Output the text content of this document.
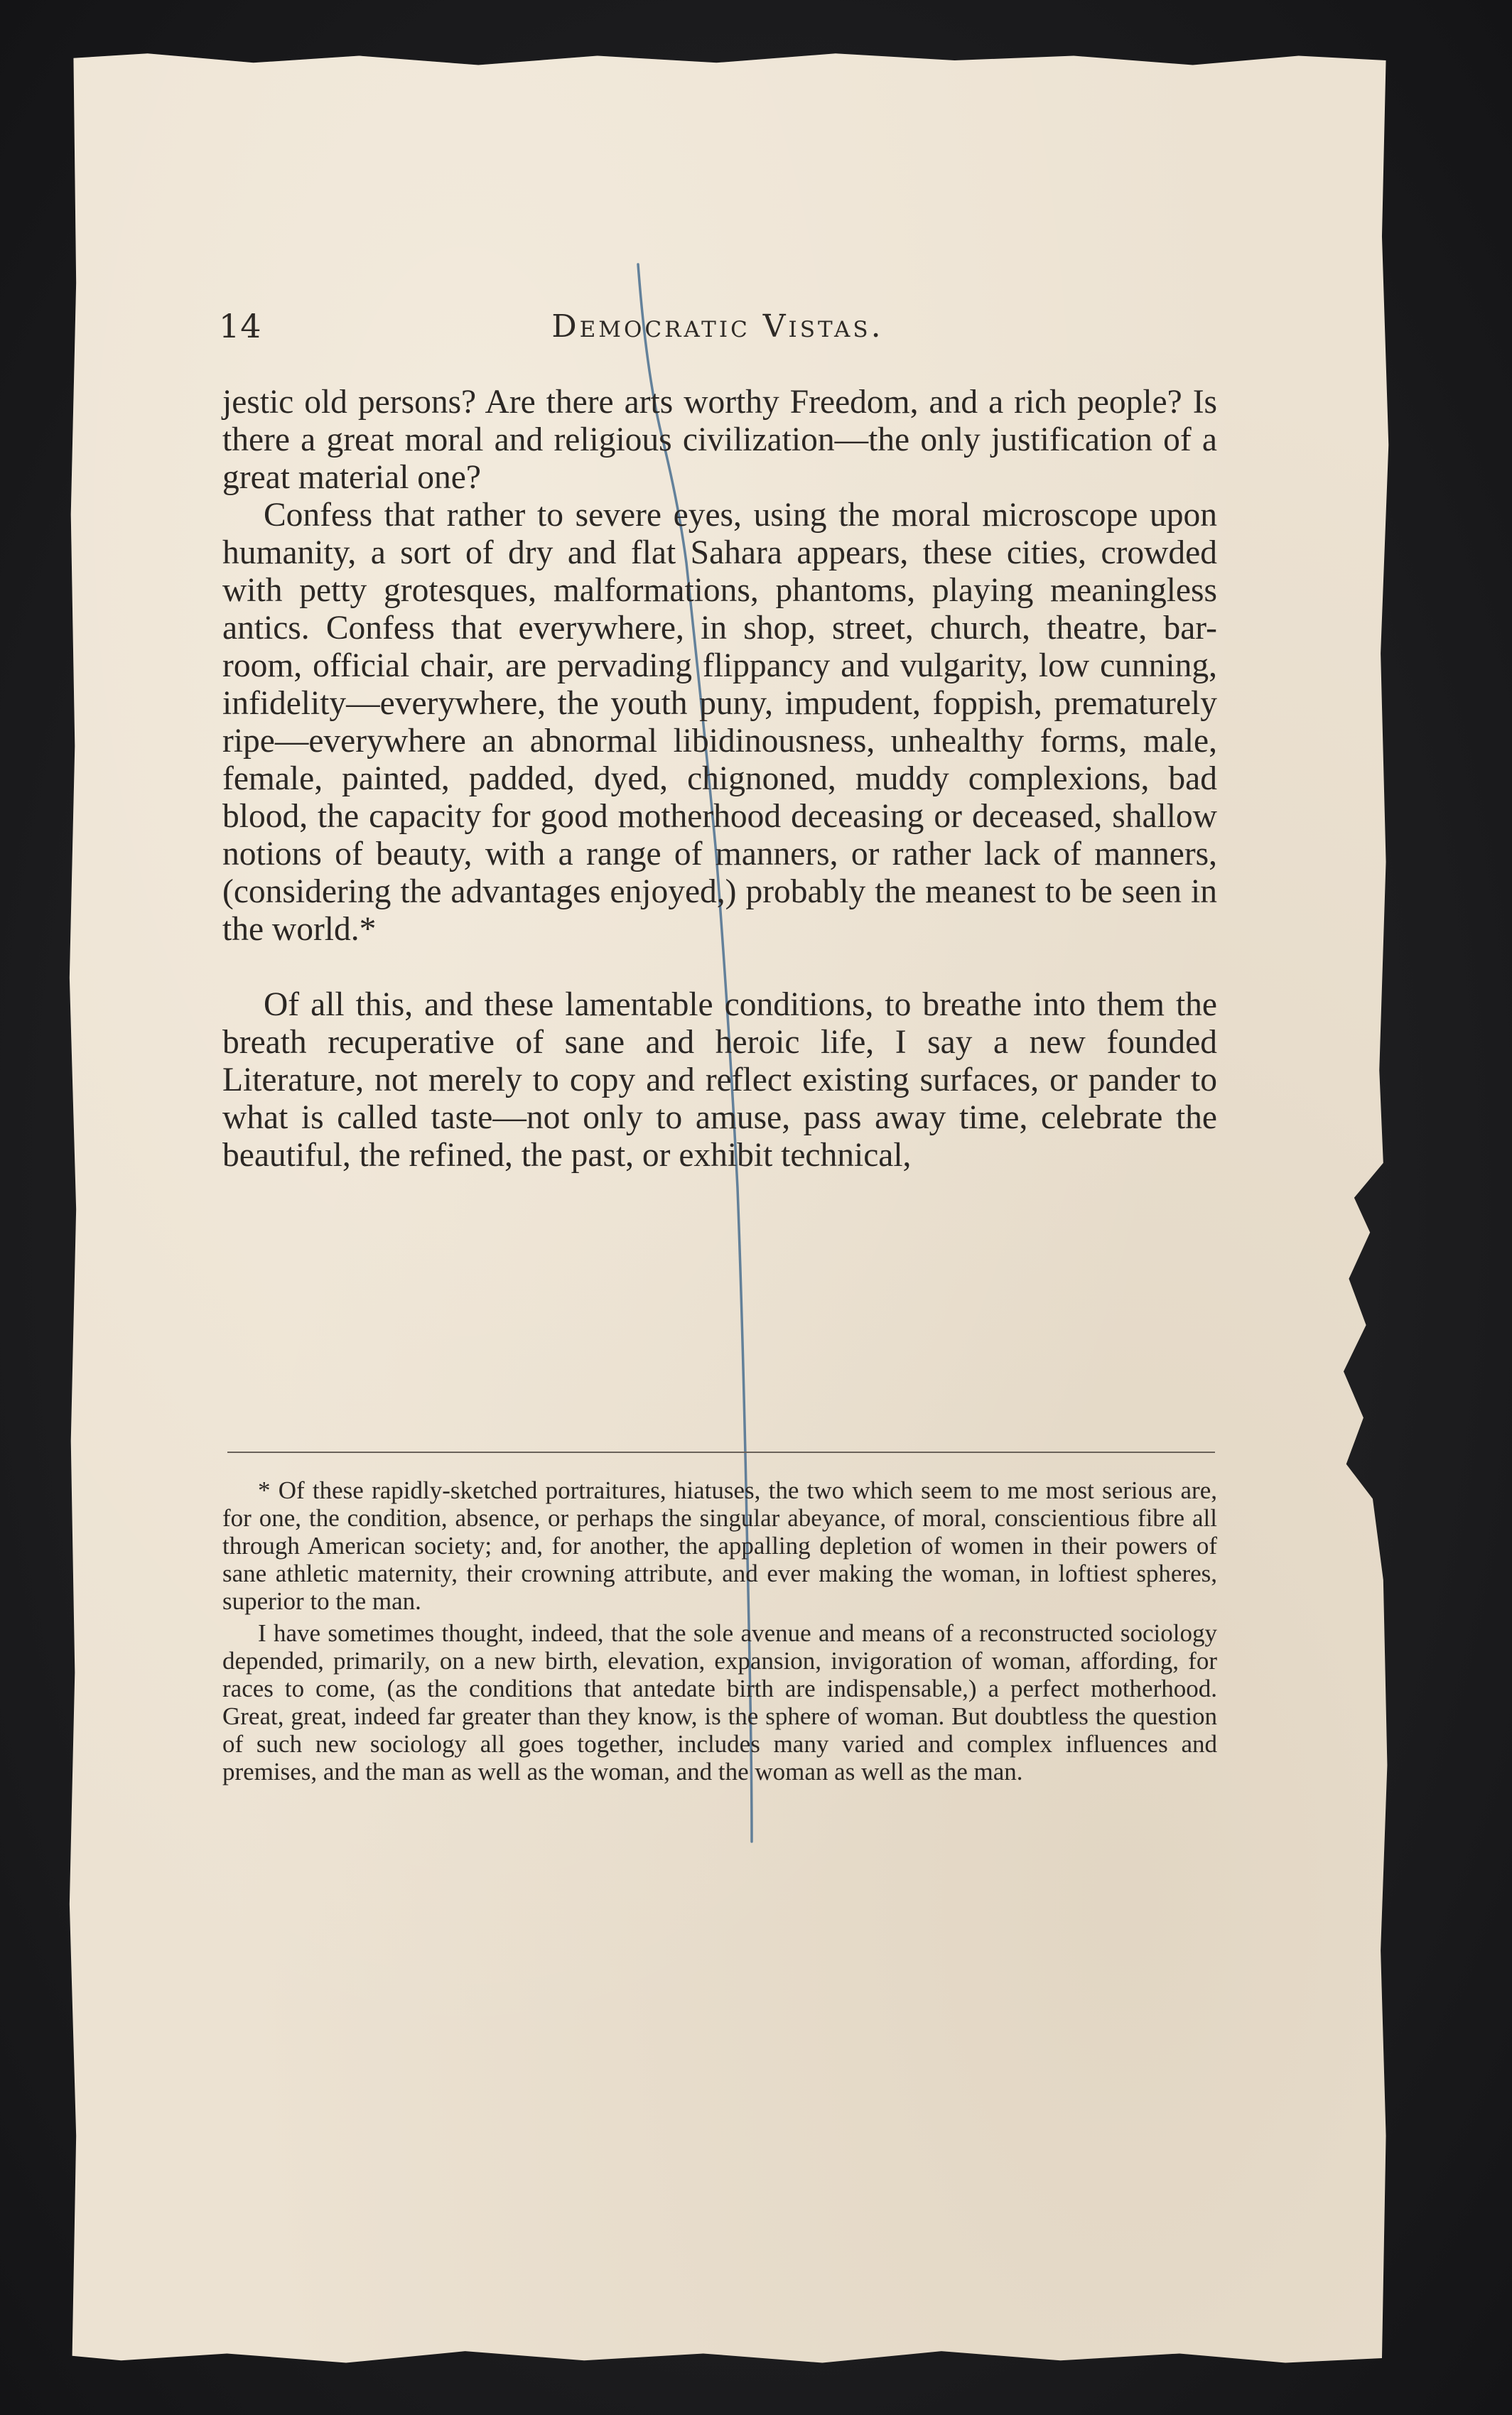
14	Democratic Vistas.

jestic old persons? Are there arts worthy Freedom, and a rich people? Is there a great moral and religious civilization—the only justification of a great material one?

Confess that rather to severe eyes, using the moral microscope upon humanity, a sort of dry and flat Sahara appears, these cities, crowded with petty grotesques, malformations, phantoms, playing meaningless antics. Confess that everywhere, in shop, street, church, theatre, bar-room, official chair, are pervading flippancy and vulgarity, low cunning, infidelity—everywhere, the youth puny, impudent, foppish, prematurely ripe—everywhere an abnormal libidinousness, unhealthy forms, male, female, painted, padded, dyed, chignoned, muddy complexions, bad blood, the capacity for good motherhood deceasing or deceased, shallow notions of beauty, with a range of manners, or rather lack of manners, (considering the advantages enjoyed,) probably the meanest to be seen in the world.*

Of all this, and these lamentable conditions, to breathe into them the breath recuperative of sane and heroic life, I say a new founded Literature, not merely to copy and reflect existing surfaces, or pander to what is called taste—not only to amuse, pass away time, celebrate the beautiful, the refined, the past, or exhibit technical,

* Of these rapidly-sketched portraitures, hiatuses, the two which seem to me most serious are, for one, the condition, absence, or perhaps the singular abeyance, of moral, conscientious fibre all through American society; and, for another, the appalling depletion of women in their powers of sane athletic maternity, their crowning attribute, and ever making the woman, in loftiest spheres, superior to the man.

I have sometimes thought, indeed, that the sole avenue and means of a reconstructed sociology depended, primarily, on a new birth, elevation, expansion, invigoration of woman, affording, for races to come, (as the conditions that antedate birth are indispensable,) a perfect motherhood. Great, great, indeed far greater than they know, is the sphere of woman. But doubtless the question of such new sociology all goes together, includes many varied and complex influences and premises, and the man as well as the woman, and the woman as well as the man.
